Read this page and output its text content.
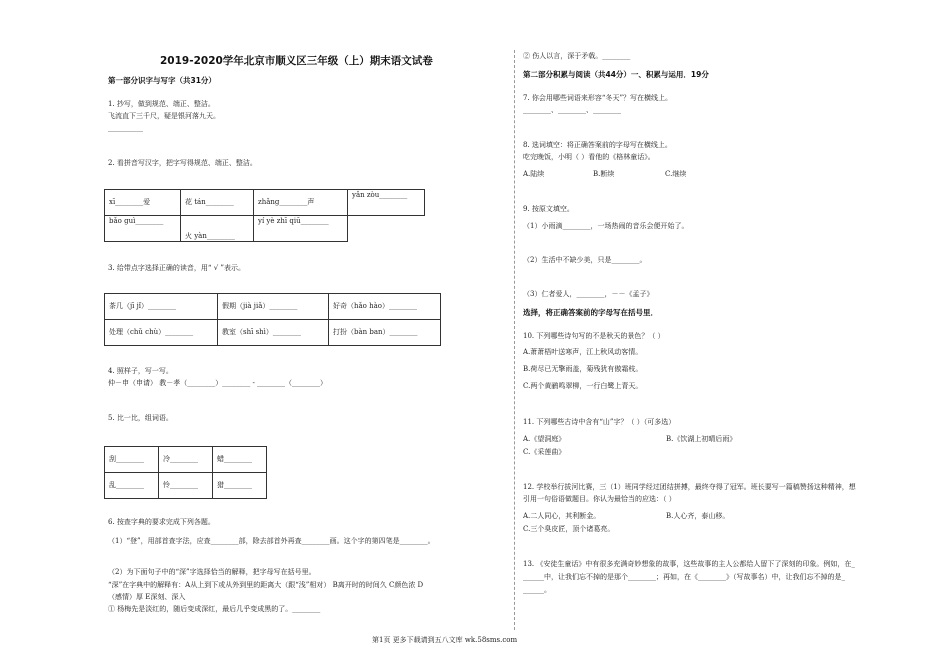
2019-2020学年北京市顺义区三年级（上）期末语文试卷
第一部分识字与写字（共31分）
1. 抄写，做到规范、端正、整洁。
飞流直下三千尺，疑是银河落九天。
__________
2. 看拼音写汉字，把字写得规范、端正、整洁。
xī________爱	花 tán________	zhǎng________声	yǎn zòu________
bǎo guì________	火 yàn________	yí yè zhī qiū________	
3. 给带点字选择正确的读音，用“ √ ”表示。
茶几（jī jǐ）________	假期（jià jiǎ）________	好奇（hǎo hào）________
处理（chǔ chù）________	教室（shī shì）________	打扮（bàn ban）________
4. 照样子，写一写。
仲－申（申请） 教－孝（________）________ - ________（________）
5. 比一比，组词语。
刮________	冷________	蜡________
乱________	怜________	猎________
6. 按查字典的要求完成下列各题。
（1）“登”，用部首查字法，应查________部，除去部首外再查________画。这个字的第四笔是________。
（2）为下面句子中的“深”字选择恰当的解释，把字母写在括号里。
“深”在字典中的解释有：A从上到下或从外到里的距离大（跟“浅”相对） B离开时的时间久 C颜色浓 D
（感情）厚 E深刻、深入
① 杨梅先是淡红的，随后变成深红，最后几乎变成黑的了。________
② 伤人以言，深于矛戟。________
第二部分积累与阅读（共44分）一、积累与运用．19分
7. 你会用哪些词语来形容“冬天”？写在横线上。
________、________、________
8. 选词填空：将正确答案前的字母写在横线上。
吃完晚饭，小明（ ）看他的《格林童话》。
A.陆续	B.断续	C.继续
9. 按原文填空。
（1）小雨滴________，一场热闹的音乐会便开始了。
（2）生活中不缺少美，只是________。
（3）仁者爱人，________，－－《孟子》
选择，将正确答案前的字母写在括号里．
10. 下列哪些诗句写的不是秋天的景色？（ ）
A.萧萧梧叶送寒声，江上秋风动客情。
B.荷尽已无擎雨盖，菊残犹有傲霜枝。
C.两个黄鹂鸣翠柳，一行白鹭上青天。
11. 下列哪些古诗中含有“山”字？（ ）（可多选）
A.《望洞庭》	B.《饮湖上初晴后雨》
C.《采莲曲》
12. 学校举行拔河比赛，三（1）班同学经过团结拼搏，最终夺得了冠军。班长要写一篇稿赞扬这种精神，想
引用一句俗语做题目。你认为最恰当的应选：（ ）
A.二人同心，其利断金。	B.人心齐，泰山移。
C.三个臭皮匠，顶个诸葛亮。
13. 《安徒生童话》中有很多充满奇妙想象的故事，这些故事的主人公都给人留下了深刻的印象。例如，在_
______中，让我们忘不掉的是那个________；再如，在《________》（写故事名）中，让我们忘不掉的是_
______。
第1页 更多下载请到五八文库 wk.58sms.com
